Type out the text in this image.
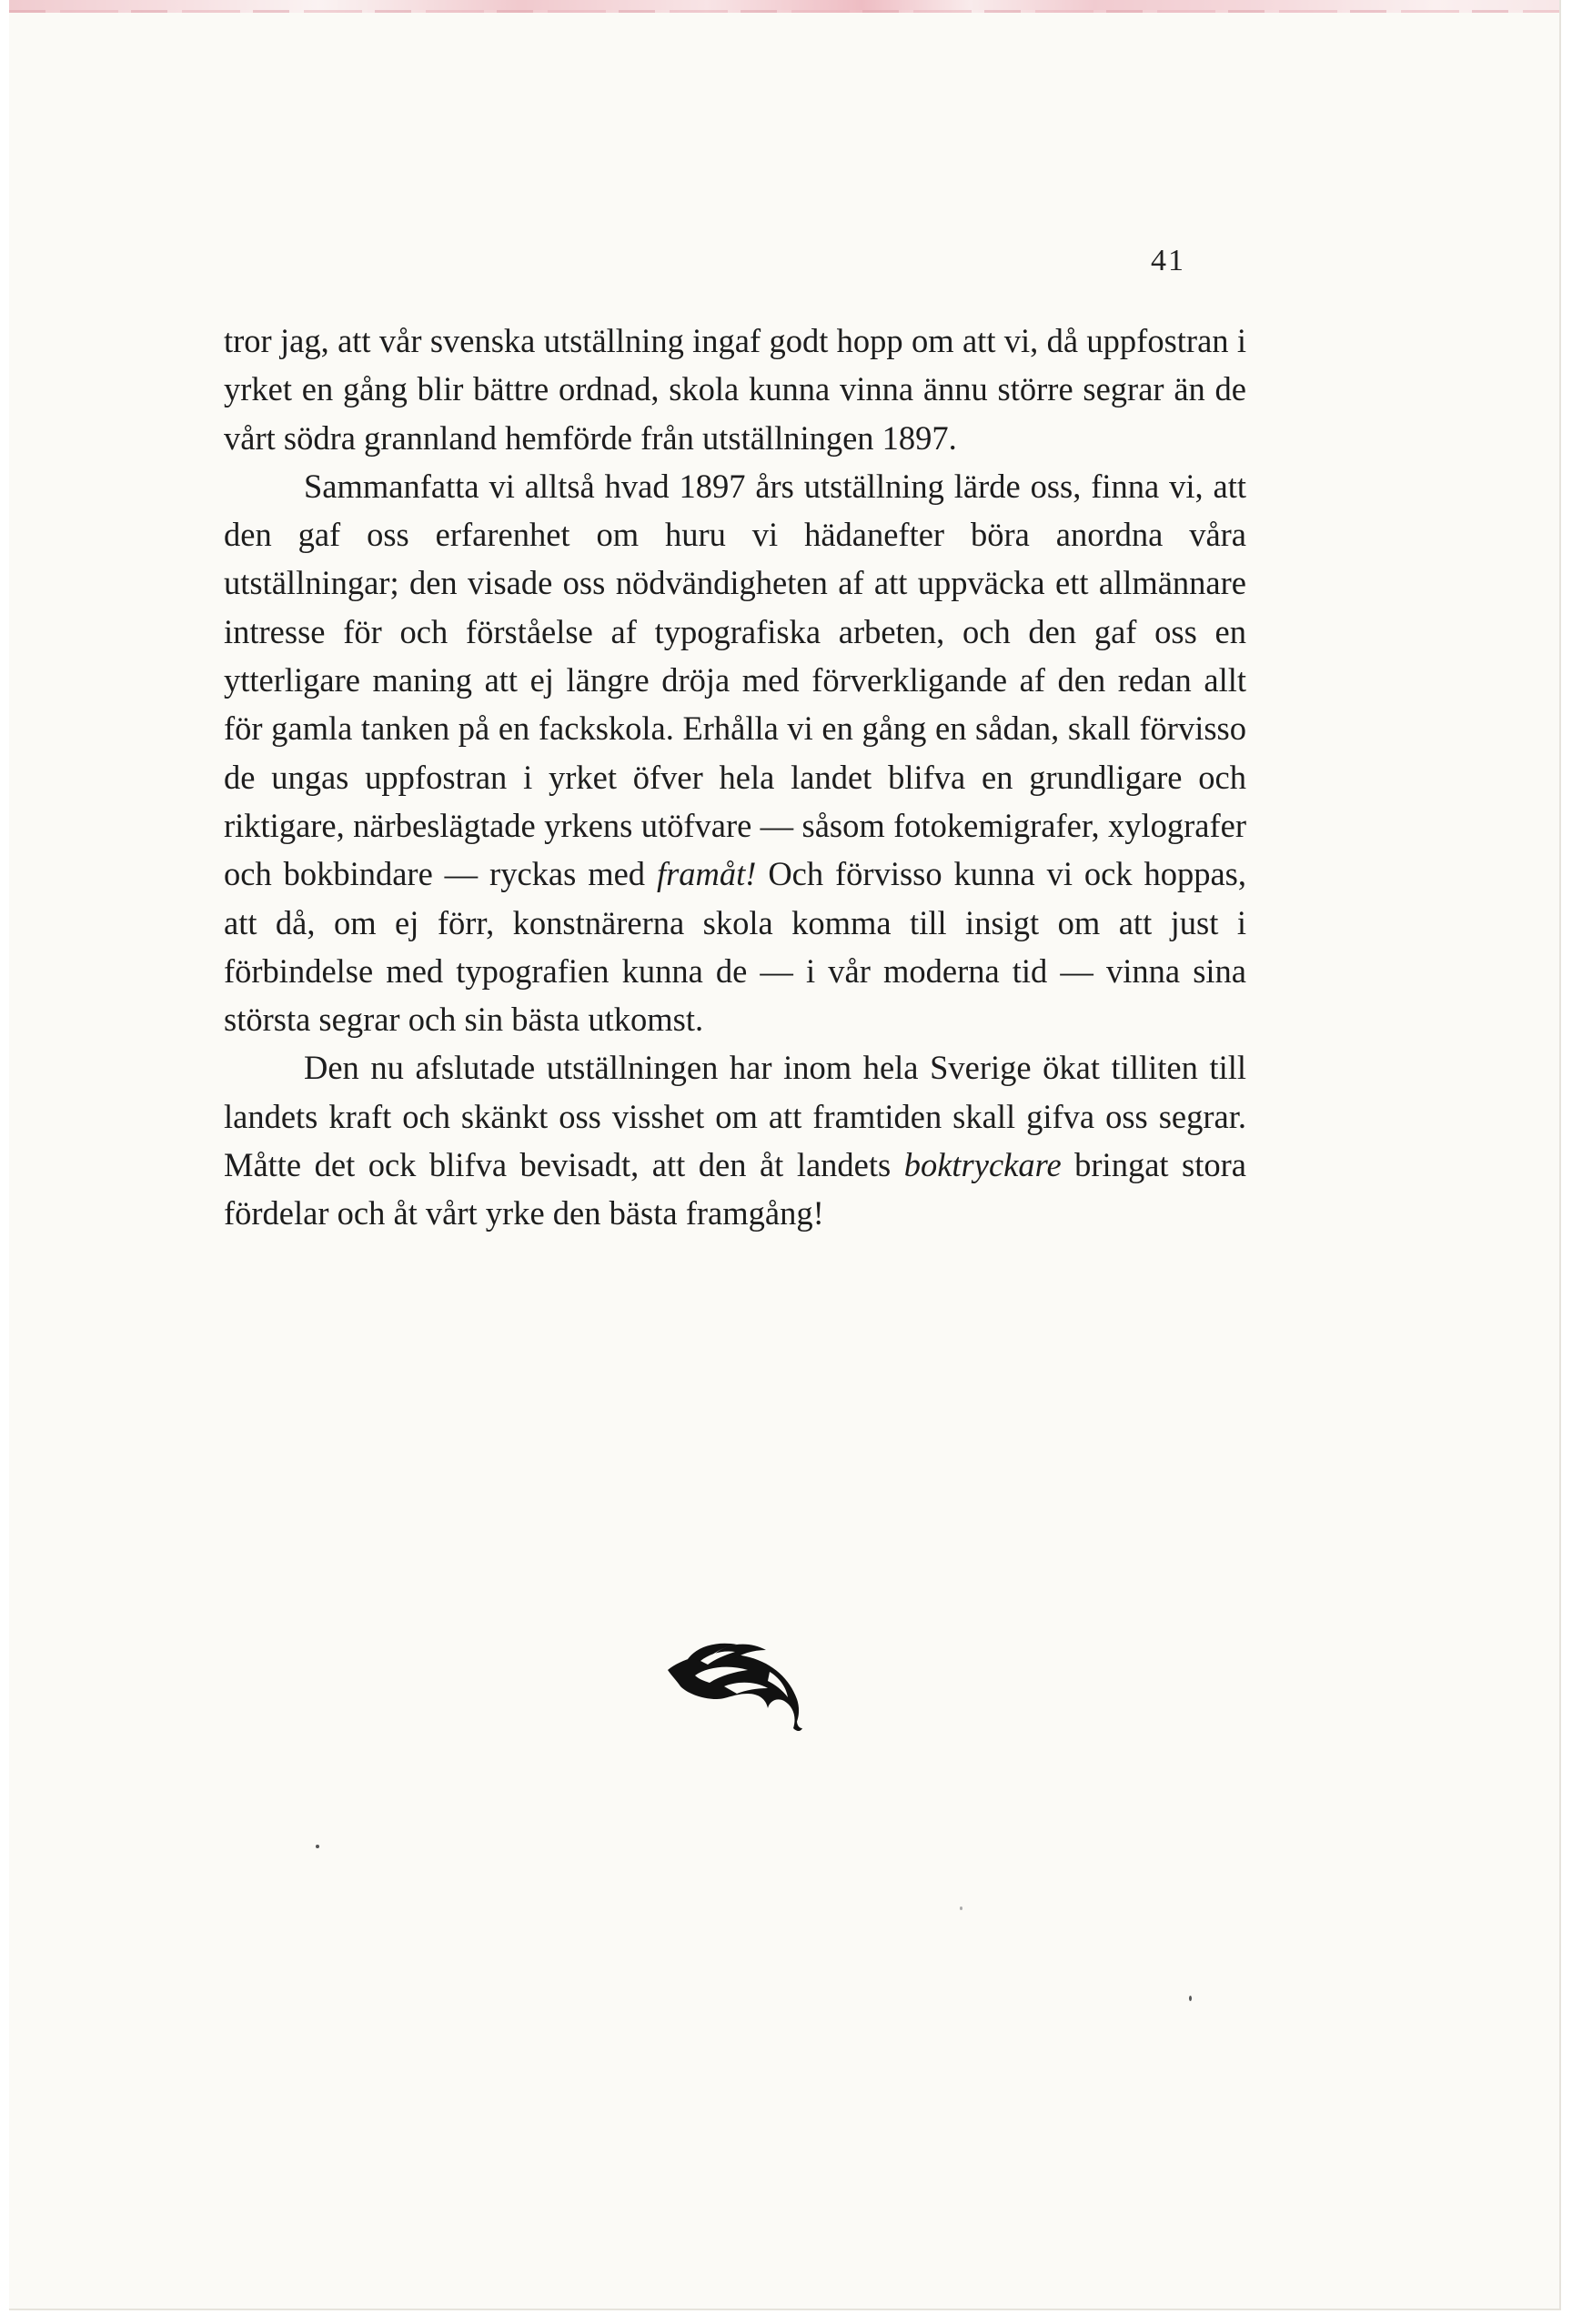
41

tror jag, att vår svenska utställning ingaf godt hopp om att vi, då uppfostran i yrket en gång blir bättre ordnad, skola kunna vinna ännu större segrar än de vårt södra grannland hemförde från utställningen 1897.

Sammanfatta vi alltså hvad 1897 års utställning lärde oss, finna vi, att den gaf oss erfarenhet om huru vi hädanefter böra anordna våra utställningar; den visade oss nödvändigheten af att uppväcka ett allmännare intresse för och förståelse af typografiska arbeten, och den gaf oss en ytterligare maning att ej längre dröja med förverkligande af den redan allt för gamla tanken på en fackskola. Erhålla vi en gång en sådan, skall förvisso de ungas uppfostran i yrket öfver hela landet blifva en grundligare och riktigare, närbeslägtade yrkens utöfvare — såsom fotokemigrafer, xylografer och bokbindare — ryckas med framåt! Och förvisso kunna vi ock hoppas, att då, om ej förr, konstnärerna skola komma till insigt om att just i förbindelse med typografien kunna de — i vår moderna tid — vinna sina största segrar och sin bästa utkomst.

Den nu afslutade utställningen har inom hela Sverige ökat tilliten till landets kraft och skänkt oss visshet om att framtiden skall gifva oss segrar. Måtte det ock blifva bevisadt, att den åt landets boktryckare bringat stora fördelar och åt vårt yrke den bästa framgång!
